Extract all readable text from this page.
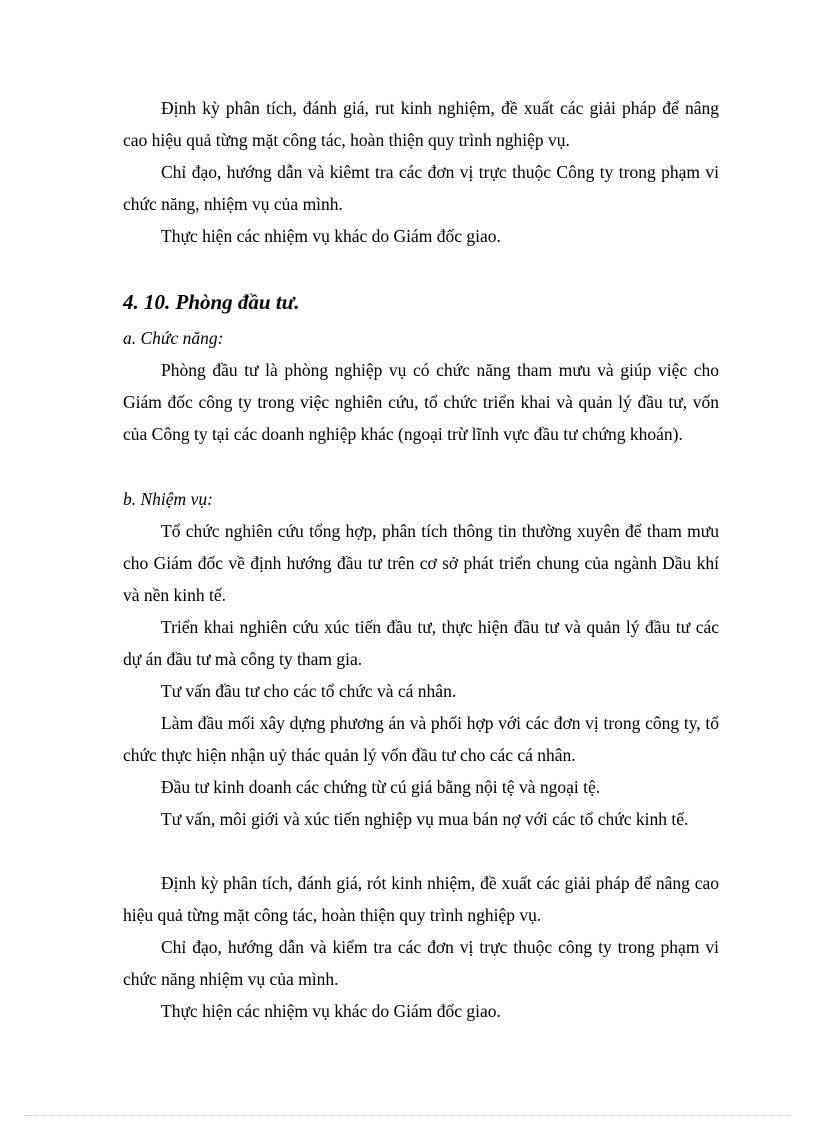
Định kỳ phân tích, đánh giá, rut kinh nghiệm, đề xuất các giải pháp để nâng cao hiệu quả từng mặt công tác, hoàn thiện quy trình nghiệp vụ.

Chỉ đạo, hướng dẫn và kiêmt tra các đơn vị trực thuộc Công ty trong phạm vi chức năng, nhiệm vụ của mình.

Thực hiện các nhiệm vụ khác do Giám đốc giao.

4. 10. Phòng đầu tư.

a. Chức năng:

Phòng đầu tư là phòng nghiệp vụ có chức năng tham mưu và giúp việc cho Giám đốc công ty trong việc nghiên cứu, tổ chức triển khai và quản lý đầu tư, vốn của Công ty tại các doanh nghiệp khác (ngoại trừ lĩnh vực đầu tư chứng khoán).

b. Nhiệm vụ:

Tổ chức nghiên cứu tổng hợp, phân tích thông tin thường xuyên để tham mưu cho Giám đốc về định hướng đầu tư trên cơ sở phát triển chung của ngành Dầu khí và nền kinh tế.

Triển khai nghiên cứu xúc tiến đầu tư, thực hiện đầu tư và quản lý đầu tư các dự án đầu tư mà công ty tham gia.

Tư vấn đầu tư cho các tổ chức và cá nhân.

Làm đầu mối xây dựng phương án và phối hợp với các đơn vị trong công ty, tổ chức thực hiện nhận uỷ thác quản lý vốn đầu tư cho các cá nhân.

Đầu tư kinh doanh các chứng từ cú giá bằng nội tệ và ngoại tệ.

Tư vấn, môi giới và xúc tiến nghiệp vụ mua bán nợ với các tổ chức kinh tế.

Định kỳ phân tích, đánh giá, rót kinh nhiệm, đề xuất các giải pháp để nâng cao hiệu quả từng mặt công tác, hoàn thiện quy trình nghiệp vụ.

Chỉ đạo, hướng dẫn và kiểm tra các đơn vị trực thuộc công ty trong phạm vi chức năng nhiệm vụ của mình.

Thực hiện các nhiệm vụ khác do Giám đốc giao.
